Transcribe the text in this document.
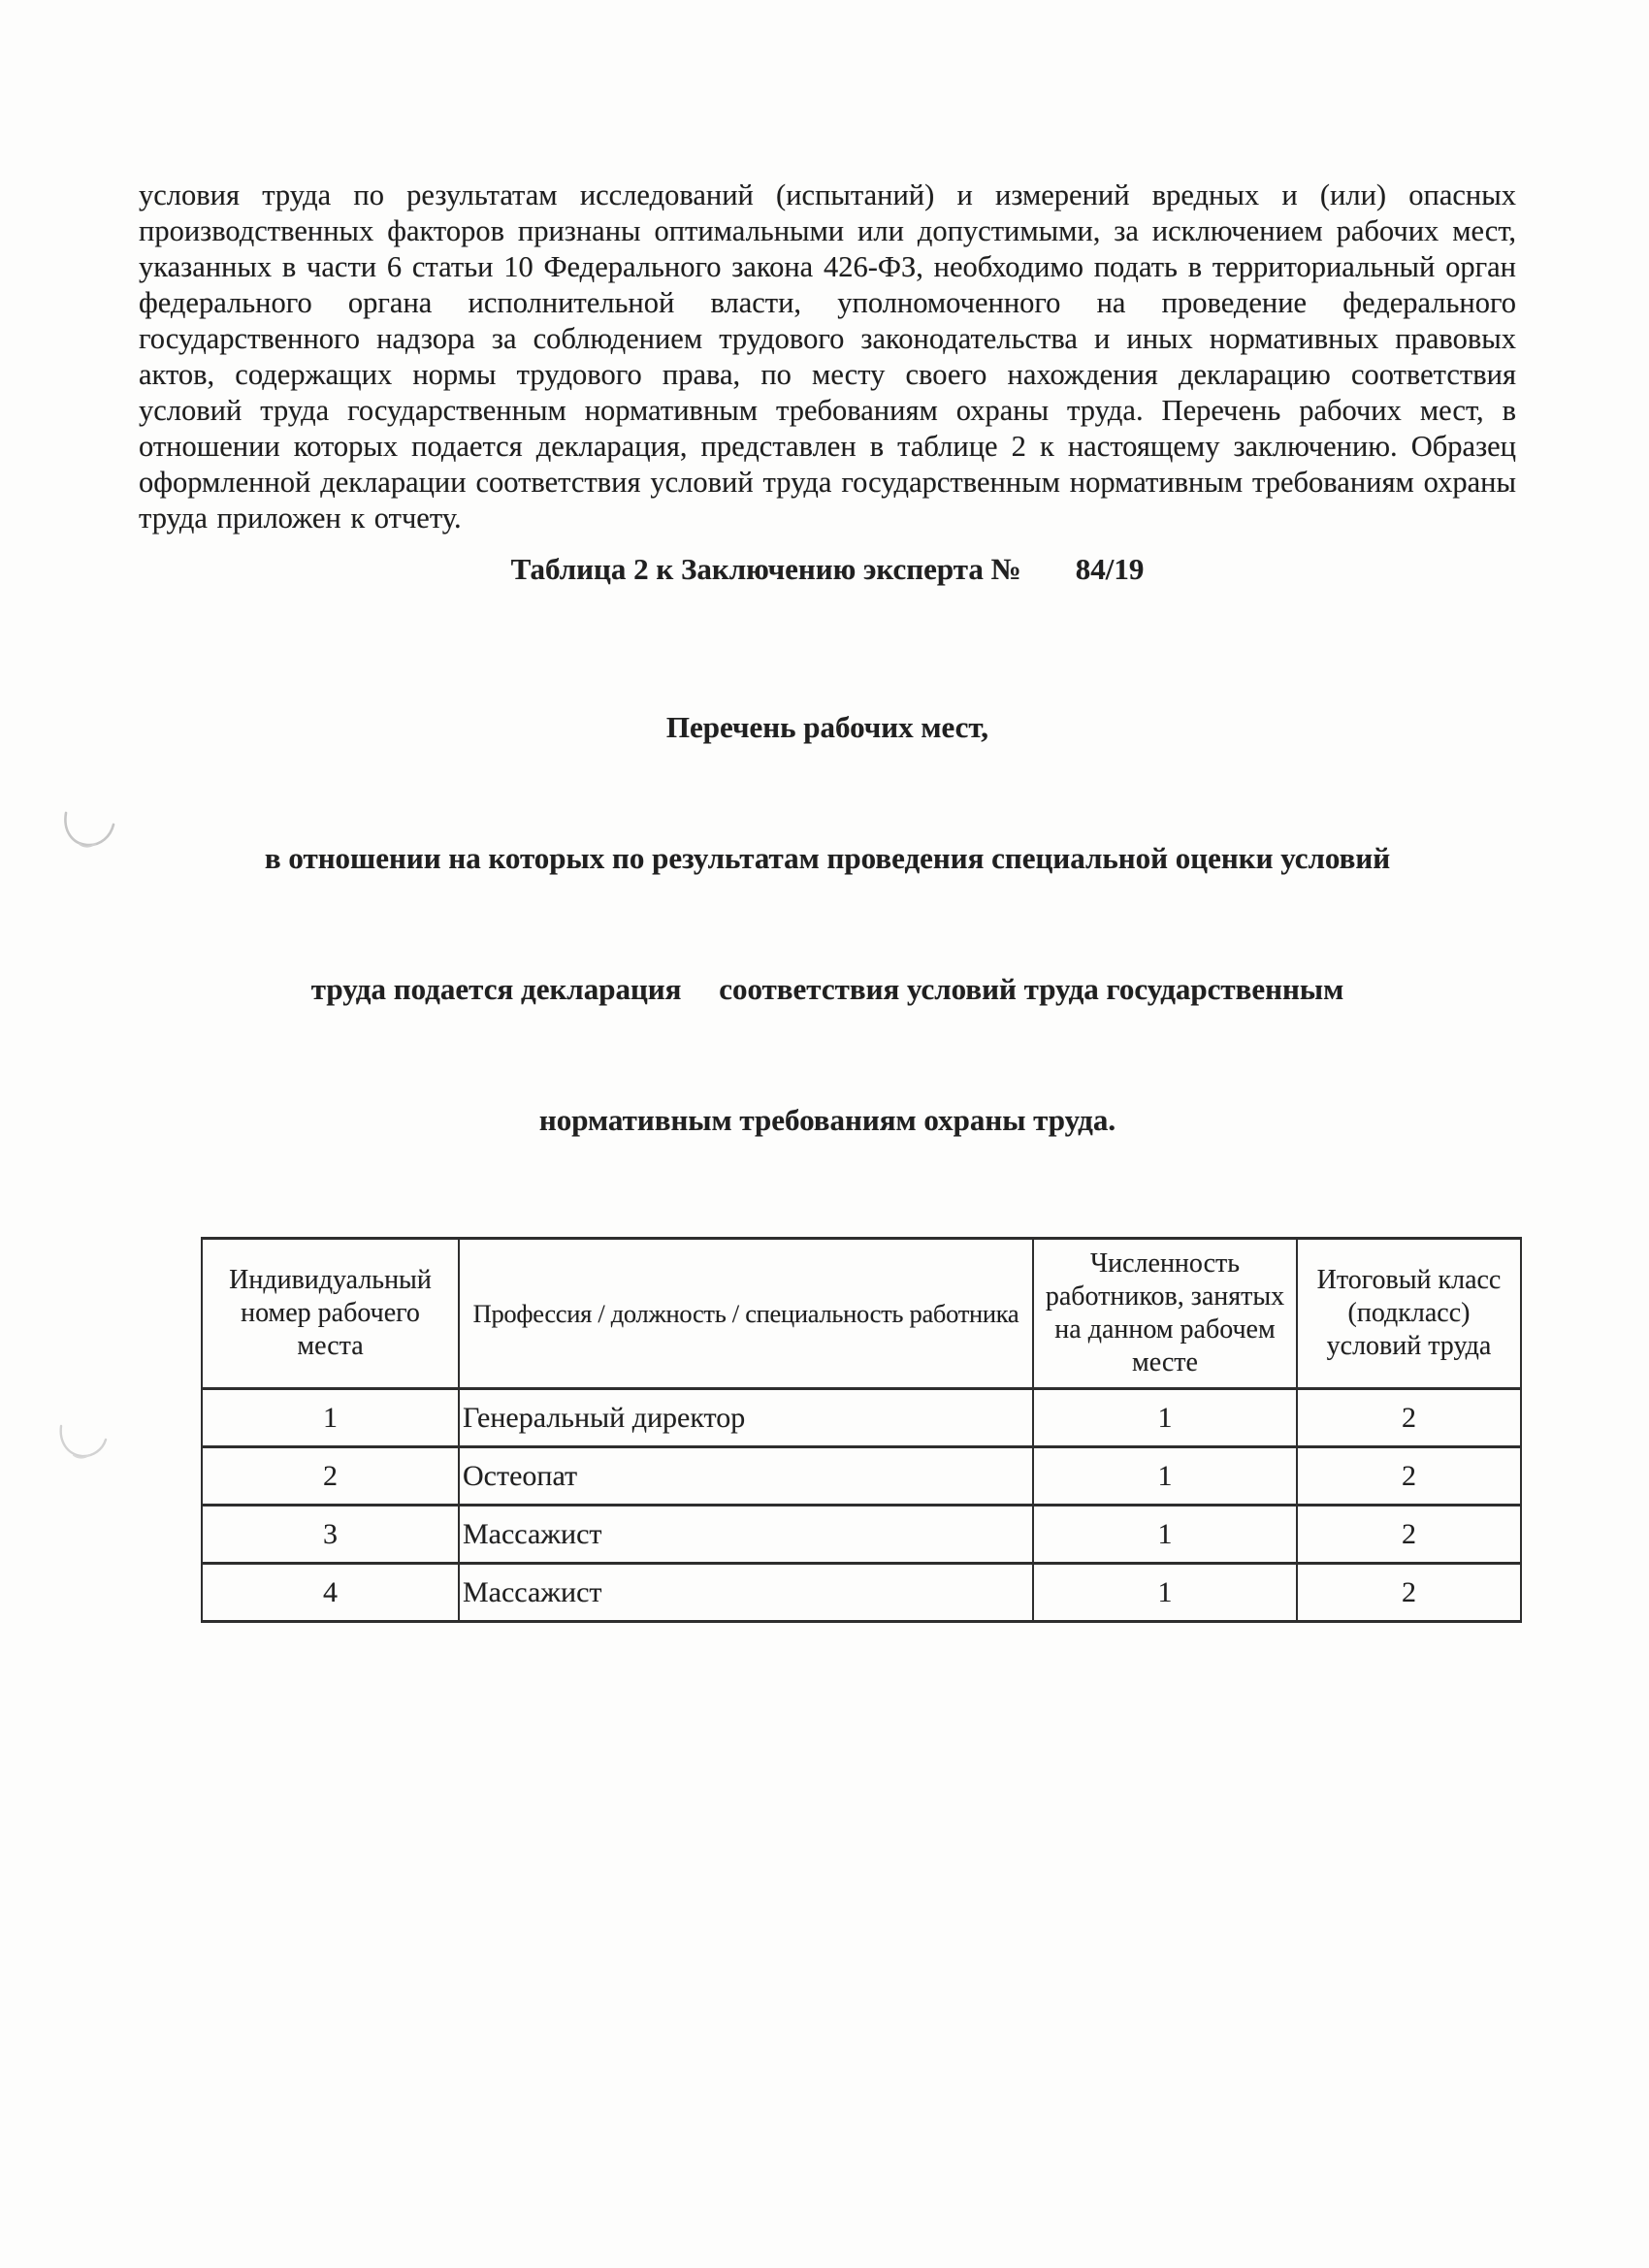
условия труда по результатам исследований (испытаний) и измерений вредных и (или) опасных производственных факторов признаны оптимальными или допустимыми, за исключением рабочих мест, указанных в части 6 статьи 10 Федерального закона 426-ФЗ, необходимо подать в территориальный орган федерального органа исполнительной власти, уполномоченного на проведение федерального государственного надзора за соблюдением трудового законодательства и иных нормативных правовых актов, содержащих нормы трудового права, по месту своего нахождения декларацию соответствия условий труда государственным нормативным требованиям охраны труда. Перечень рабочих мест, в отношении которых подается декларация, представлен в таблице 2 к настоящему заключению. Образец оформленной декларации соответствия условий труда государственным нормативным требованиям охраны труда приложен к отчету.
Таблица 2 к Заключению эксперта № 84/19

Перечень рабочих мест,

в отношении на которых по результатам проведения специальной оценки условий

труда подается декларация     соответствия условий труда государственным

нормативным требованиям охраны труда.

Индивидуальный номер рабочего места	Профессия / должность / специальность работника	Численность работников, занятых на данном рабочем месте	Итоговый класс (подкласс) условий труда
1	Генеральный директор	1	2
2	Остеопат	1	2
3	Массажист	1	2
4	Массажист	1	2
